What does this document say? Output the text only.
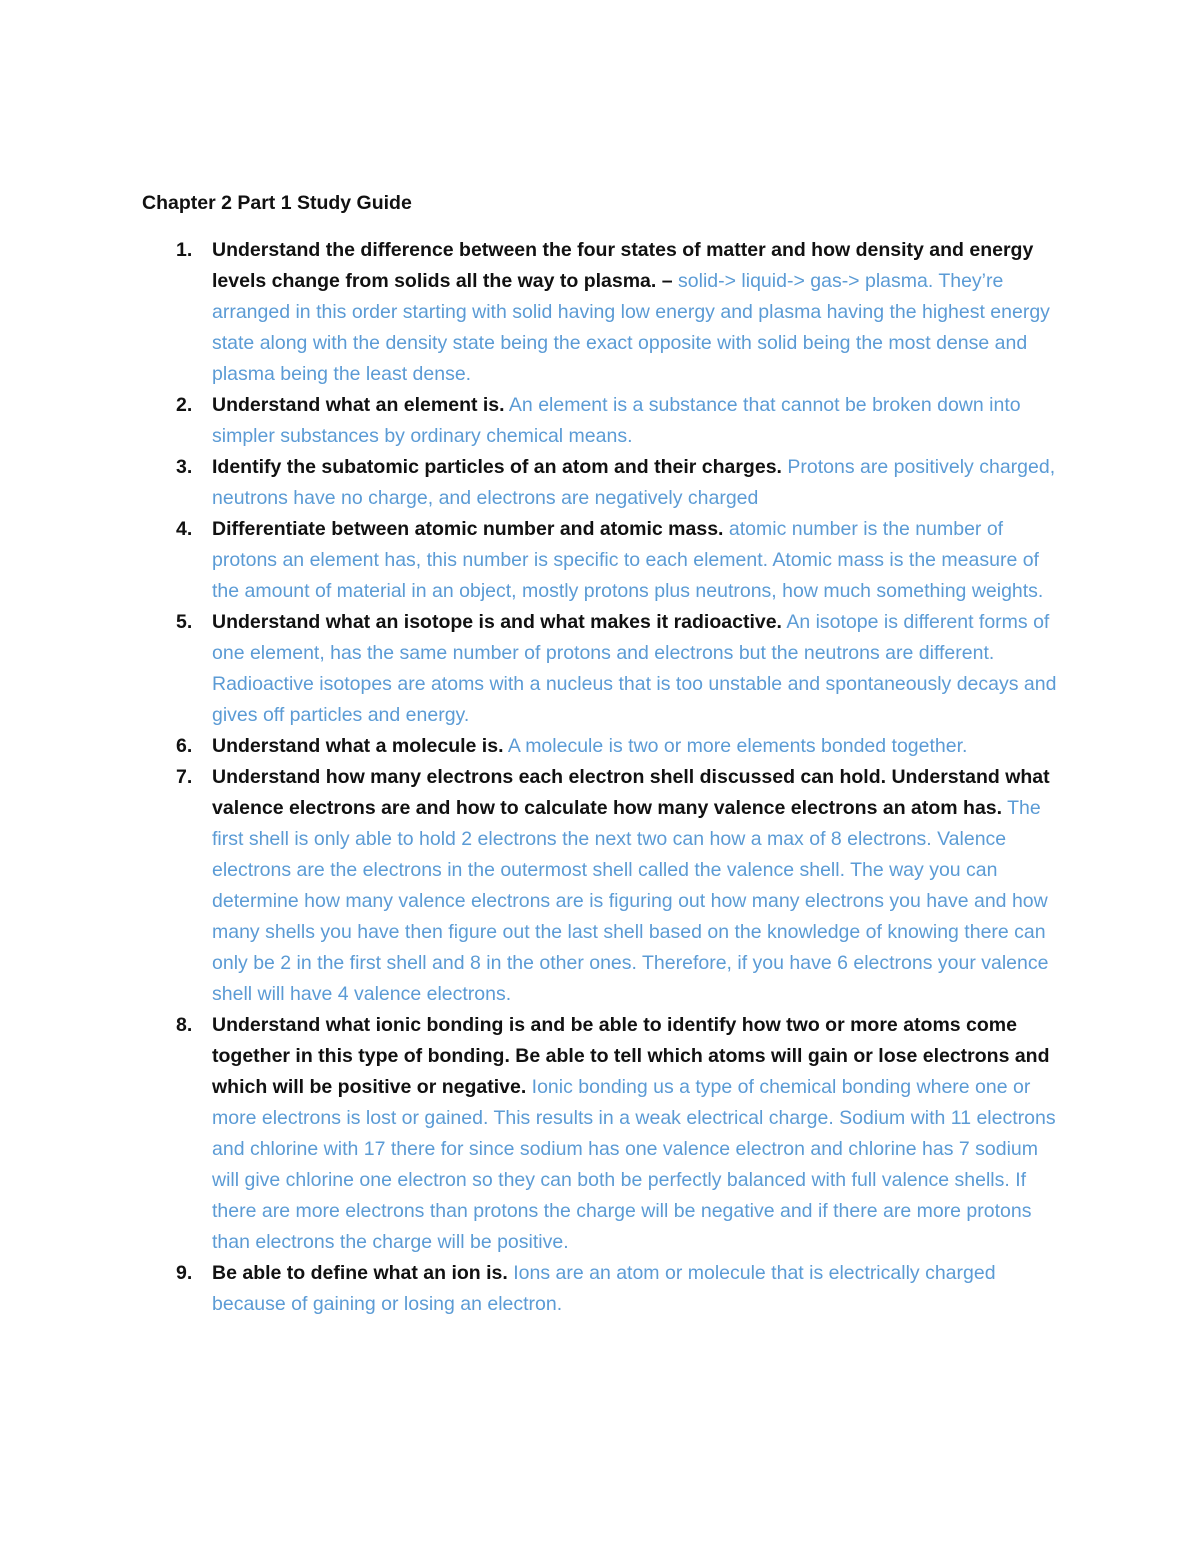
Chapter 2 Part 1 Study Guide
1. Understand the difference between the four states of matter and how density and energy levels change from solids all the way to plasma. – solid-> liquid-> gas-> plasma. They’re arranged in this order starting with solid having low energy and plasma having the highest energy state along with the density state being the exact opposite with solid being the most dense and plasma being the least dense.
2. Understand what an element is. An element is a substance that cannot be broken down into simpler substances by ordinary chemical means.
3. Identify the subatomic particles of an atom and their charges. Protons are positively charged, neutrons have no charge, and electrons are negatively charged
4. Differentiate between atomic number and atomic mass. atomic number is the number of protons an element has, this number is specific to each element. Atomic mass is the measure of the amount of material in an object, mostly protons plus neutrons, how much something weights.
5. Understand what an isotope is and what makes it radioactive. An isotope is different forms of one element, has the same number of protons and electrons but the neutrons are different. Radioactive isotopes are atoms with a nucleus that is too unstable and spontaneously decays and gives off particles and energy.
6. Understand what a molecule is. A molecule is two or more elements bonded together.
7. Understand how many electrons each electron shell discussed can hold. Understand what valence electrons are and how to calculate how many valence electrons an atom has. The first shell is only able to hold 2 electrons the next two can how a max of 8 electrons. Valence electrons are the electrons in the outermost shell called the valence shell. The way you can determine how many valence electrons are is figuring out how many electrons you have and how many shells you have then figure out the last shell based on the knowledge of knowing there can only be 2 in the first shell and 8 in the other ones. Therefore, if you have 6 electrons your valence shell will have 4 valence electrons.
8. Understand what ionic bonding is and be able to identify how two or more atoms come together in this type of bonding. Be able to tell which atoms will gain or lose electrons and which will be positive or negative. Ionic bonding us a type of chemical bonding where one or more electrons is lost or gained. This results in a weak electrical charge. Sodium with 11 electrons and chlorine with 17 there for since sodium has one valence electron and chlorine has 7 sodium will give chlorine one electron so they can both be perfectly balanced with full valence shells. If there are more electrons than protons the charge will be negative and if there are more protons than electrons the charge will be positive.
9. Be able to define what an ion is. Ions are an atom or molecule that is electrically charged because of gaining or losing an electron.
